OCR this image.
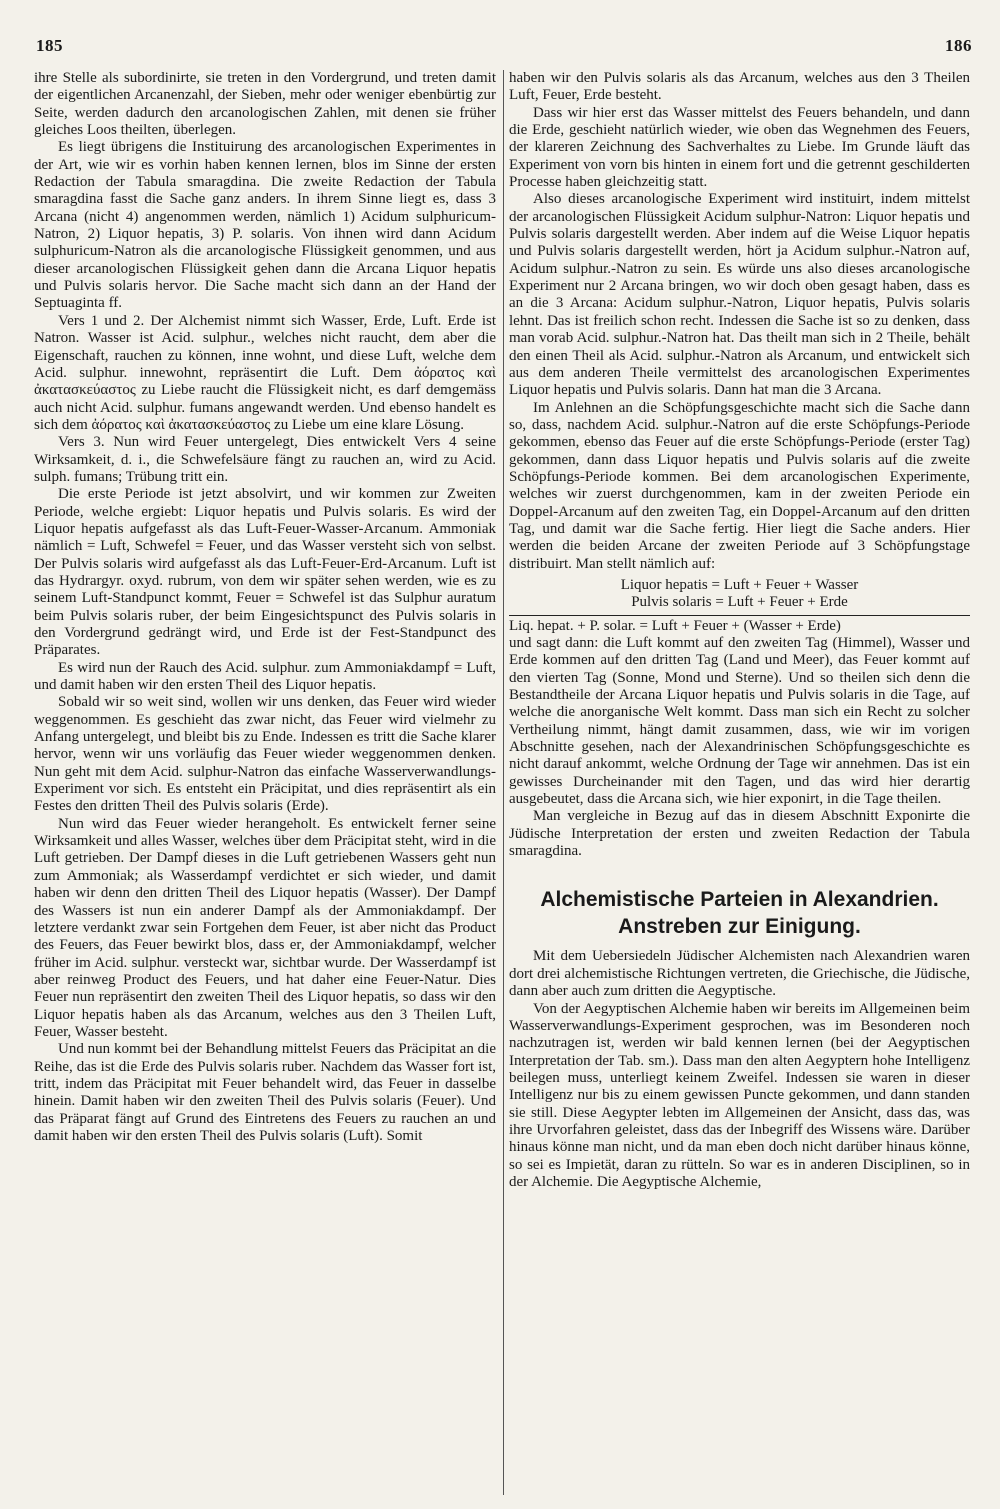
185	186

ihre Stelle als subordinirte, sie treten in den Vordergrund, und treten damit der eigentlichen Arcanenzahl, der Sieben, mehr oder weniger ebenbürtig zur Seite, werden dadurch den arcanologischen Zahlen, mit denen sie früher gleiches Loos theilten, überlegen.

Es liegt übrigens die Instituirung des arcanologischen Experimentes in der Art, wie wir es vorhin haben kennen lernen, blos im Sinne der ersten Redaction der Tabula smaragdina. Die zweite Redaction der Tabula smaragdina fasst die Sache ganz anders. In ihrem Sinne liegt es, dass 3 Arcana (nicht 4) angenommen werden, nämlich 1) Acidum sulphuricum-Natron, 2) Liquor hepatis, 3) P. solaris. Von ihnen wird dann Acidum sulphuricum-Natron als die arcanologische Flüssigkeit genommen, und aus dieser arcanologischen Flüssigkeit gehen dann die Arcana Liquor hepatis und Pulvis solaris hervor. Die Sache macht sich dann an der Hand der Septuaginta ff.

Vers 1 und 2. Der Alchemist nimmt sich Wasser, Erde, Luft. Erde ist Natron. Wasser ist Acid. sulphur., welches nicht raucht, dem aber die Eigenschaft, rauchen zu können, inne wohnt, und diese Luft, welche dem Acid. sulphur. innewohnt, repräsentirt die Luft. Dem ἀόρατος καὶ ἀκατασκεύαστος zu Liebe raucht die Flüssigkeit nicht, es darf demgemäss auch nicht Acid. sulphur. fumans angewandt werden. Und ebenso handelt es sich dem ἀόρατος καὶ ἀκατασκεύαστος zu Liebe um eine klare Lösung.

Vers 3. Nun wird Feuer untergelegt, Dies entwickelt Vers 4 seine Wirksamkeit, d. i., die Schwefelsäure fängt zu rauchen an, wird zu Acid. sulph. fumans; Trübung tritt ein.

Die erste Periode ist jetzt absolvirt, und wir kommen zur Zweiten Periode, welche ergiebt: Liquor hepatis und Pulvis solaris. Es wird der Liquor hepatis aufgefasst als das Luft-Feuer-Wasser-Arcanum. Ammoniak nämlich = Luft, Schwefel = Feuer, und das Wasser versteht sich von selbst. Der Pulvis solaris wird aufgefasst als das Luft-Feuer-Erd-Arcanum. Luft ist das Hydrargyr. oxyd. rubrum, von dem wir später sehen werden, wie es zu seinem Luft-Standpunct kommt, Feuer = Schwefel ist das Sulphur auratum beim Pulvis solaris ruber, der beim Eingesichtspunct des Pulvis solaris in den Vordergrund gedrängt wird, und Erde ist der Fest-Standpunct des Präparates.

Es wird nun der Rauch des Acid. sulphur. zum Ammoniakdampf = Luft, und damit haben wir den ersten Theil des Liquor hepatis.

Sobald wir so weit sind, wollen wir uns denken, das Feuer wird wieder weggenommen. Es geschieht das zwar nicht, das Feuer wird vielmehr zu Anfang untergelegt, und bleibt bis zu Ende. Indessen es tritt die Sache klarer hervor, wenn wir uns vorläufig das Feuer wieder weggenommen denken. Nun geht mit dem Acid. sulphur-Natron das einfache Wasserverwandlungs-Experiment vor sich. Es entsteht ein Präcipitat, und dies repräsentirt als ein Festes den dritten Theil des Pulvis solaris (Erde).

Nun wird das Feuer wieder herangeholt. Es entwickelt ferner seine Wirksamkeit und alles Wasser, welches über dem Präcipitat steht, wird in die Luft getrieben. Der Dampf dieses in die Luft getriebenen Wassers geht nun zum Ammoniak; als Wasserdampf verdichtet er sich wieder, und damit haben wir denn den dritten Theil des Liquor hepatis (Wasser). Der Dampf des Wassers ist nun ein anderer Dampf als der Ammoniakdampf. Der letztere verdankt zwar sein Fortgehen dem Feuer, ist aber nicht das Product des Feuers, das Feuer bewirkt blos, dass er, der Ammoniakdampf, welcher früher im Acid. sulphur. versteckt war, sichtbar wurde. Der Wasserdampf ist aber reinweg Product des Feuers, und hat daher eine Feuer-Natur. Dies Feuer nun repräsentirt den zweiten Theil des Liquor hepatis, so dass wir den Liquor hepatis haben als das Arcanum, welches aus den 3 Theilen Luft, Feuer, Wasser besteht.

Und nun kommt bei der Behandlung mittelst Feuers das Präcipitat an die Reihe, das ist die Erde des Pulvis solaris ruber. Nachdem das Wasser fort ist, tritt, indem das Präcipitat mit Feuer behandelt wird, das Feuer in dasselbe hinein. Damit haben wir den zweiten Theil des Pulvis solaris (Feuer). Und das Präparat fängt auf Grund des Eintretens des Feuers zu rauchen an und damit haben wir den ersten Theil des Pulvis solaris (Luft). Somit

haben wir den Pulvis solaris als das Arcanum, welches aus den 3 Theilen Luft, Feuer, Erde besteht.

Dass wir hier erst das Wasser mittelst des Feuers behandeln, und dann die Erde, geschieht natürlich wieder, wie oben das Wegnehmen des Feuers, der klareren Zeichnung des Sachverhaltes zu Liebe. Im Grunde läuft das Experiment von vorn bis hinten in einem fort und die getrennt geschilderten Processe haben gleichzeitig statt.

Also dieses arcanologische Experiment wird instituirt, indem mittelst der arcanologischen Flüssigkeit Acidum sulphur-Natron: Liquor hepatis und Pulvis solaris dargestellt werden. Aber indem auf die Weise Liquor hepatis und Pulvis solaris dargestellt werden, hört ja Acidum sulphur.-Natron auf, Acidum sulphur.-Natron zu sein. Es würde uns also dieses arcanologische Experiment nur 2 Arcana bringen, wo wir doch oben gesagt haben, dass es an die 3 Arcana: Acidum sulphur.-Natron, Liquor hepatis, Pulvis solaris lehnt. Das ist freilich schon recht. Indessen die Sache ist so zu denken, dass man vorab Acid. sulphur.-Natron hat. Das theilt man sich in 2 Theile, behält den einen Theil als Acid. sulphur.-Natron als Arcanum, und entwickelt sich aus dem anderen Theile vermittelst des arcanologischen Experimentes Liquor hepatis und Pulvis solaris. Dann hat man die 3 Arcana.

Im Anlehnen an die Schöpfungsgeschichte macht sich die Sache dann so, dass, nachdem Acid. sulphur.-Natron auf die erste Schöpfungs-Periode gekommen, ebenso das Feuer auf die erste Schöpfungs-Periode (erster Tag) gekommen, dann dass Liquor hepatis und Pulvis solaris auf die zweite Schöpfungs-Periode kommen. Bei dem arcanologischen Experimente, welches wir zuerst durchgenommen, kam in der zweiten Periode ein Doppel-Arcanum auf den zweiten Tag, ein Doppel-Arcanum auf den dritten Tag, und damit war die Sache fertig. Hier liegt die Sache anders. Hier werden die beiden Arcane der zweiten Periode auf 3 Schöpfungstage distribuirt. Man stellt nämlich auf:

Liquor hepatis = Luft + Feuer + Wasser
Pulvis solaris = Luft + Feuer + Erde
Liq. hepat. + P. solar. = Luft + Feuer + (Wasser + Erde)

und sagt dann: die Luft kommt auf den zweiten Tag (Himmel), Wasser und Erde kommen auf den dritten Tag (Land und Meer), das Feuer kommt auf den vierten Tag (Sonne, Mond und Sterne). Und so theilen sich denn die Bestandtheile der Arcana Liquor hepatis und Pulvis solaris in die Tage, auf welche die anorganische Welt kommt. Dass man sich ein Recht zu solcher Vertheilung nimmt, hängt damit zusammen, dass, wie wir im vorigen Abschnitte gesehen, nach der Alexandrinischen Schöpfungsgeschichte es nicht darauf ankommt, welche Ordnung der Tage wir annehmen. Das ist ein gewisses Durcheinander mit den Tagen, und das wird hier derartig ausgebeutet, dass die Arcana sich, wie hier exponirt, in die Tage theilen.

Man vergleiche in Bezug auf das in diesem Abschnitt Exponirte die Jüdische Interpretation der ersten und zweiten Redaction der Tabula smaragdina.

Alchemistische Parteien in Alexandrien.
Anstreben zur Einigung.

Mit dem Uebersiedeln Jüdischer Alchemisten nach Alexandrien waren dort drei alchemistische Richtungen vertreten, die Griechische, die Jüdische, dann aber auch zum dritten die Aegyptische.

Von der Aegyptischen Alchemie haben wir bereits im Allgemeinen beim Wasserverwandlungs-Experiment gesprochen, was im Besonderen noch nachzutragen ist, werden wir bald kennen lernen (bei der Aegyptischen Interpretation der Tab. sm.). Dass man den alten Aegyptern hohe Intelligenz beilegen muss, unterliegt keinem Zweifel. Indessen sie waren in dieser Intelligenz nur bis zu einem gewissen Puncte gekommen, und dann standen sie still. Diese Aegypter lebten im Allgemeinen der Ansicht, dass das, was ihre Urvorfahren geleistet, dass das der Inbegriff des Wissens wäre. Darüber hinaus könne man nicht, und da man eben doch nicht darüber hinaus könne, so sei es Impietät, daran zu rütteln. So war es in anderen Disciplinen, so in der Alchemie. Die Aegyptische Alchemie,
